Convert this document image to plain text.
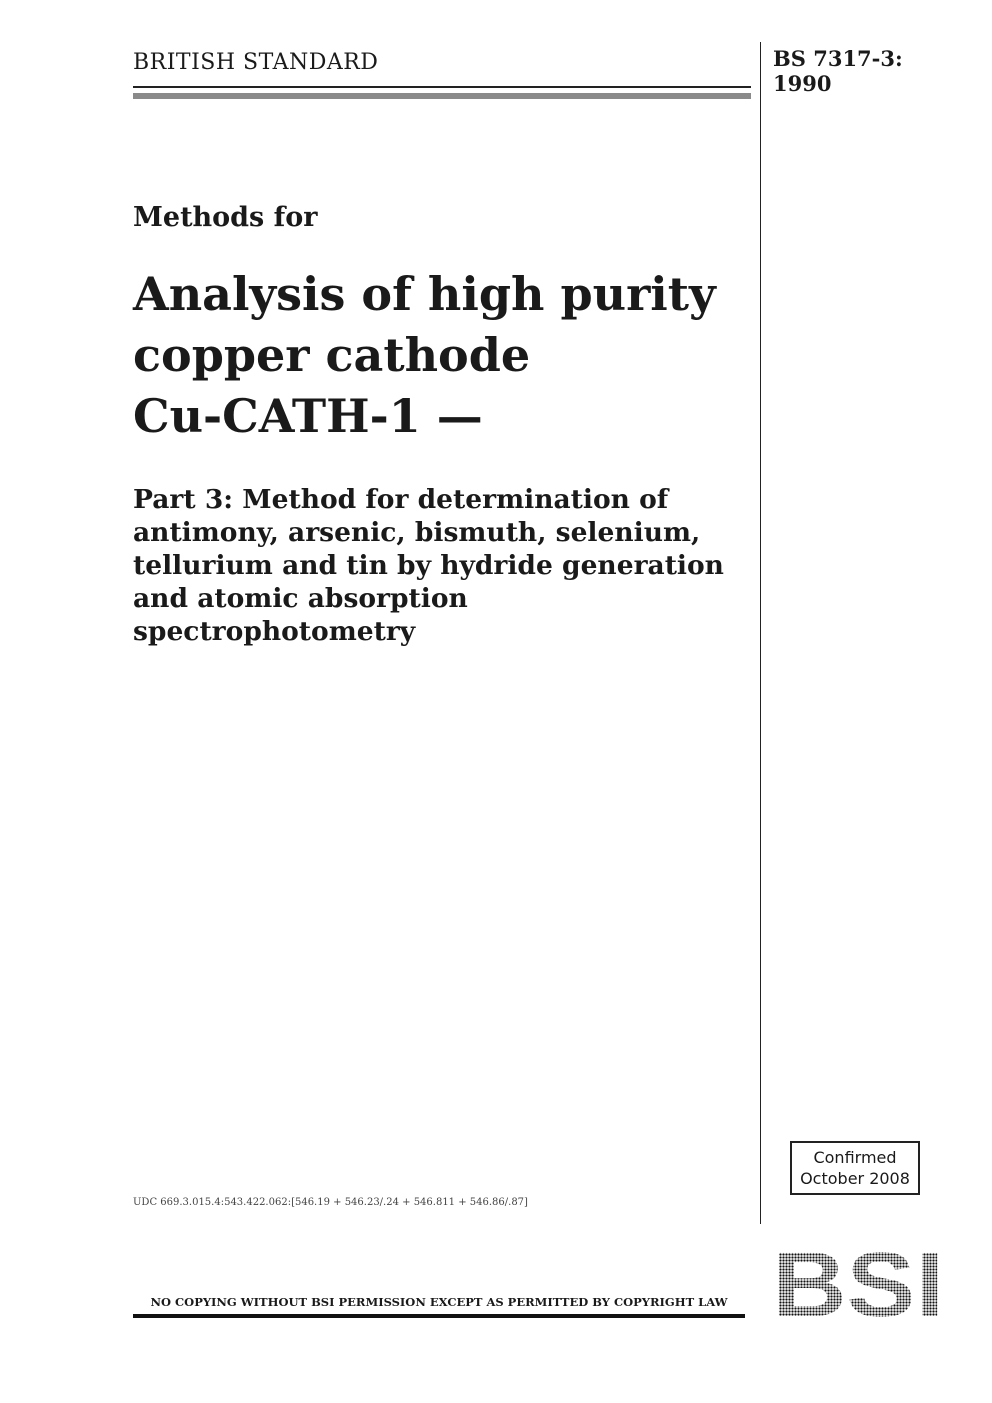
BRITISH STANDARD	BS 7317-3:
1990
Methods for
Analysis of high purity
copper cathode
Cu-CATH-1 —
Part 3: Method for determination of
antimony, arsenic, bismuth, selenium,
tellurium and tin by hydride generation
and atomic absorption
spectrophotometry
Confirmed
October 2008
UDC 669.3.015.4:543.422.062:[546.19 + 546.23/.24 + 546.811 + 546.86/.87]
BSI
NO COPYING WITHOUT BSI PERMISSION EXCEPT AS PERMITTED BY COPYRIGHT LAW
